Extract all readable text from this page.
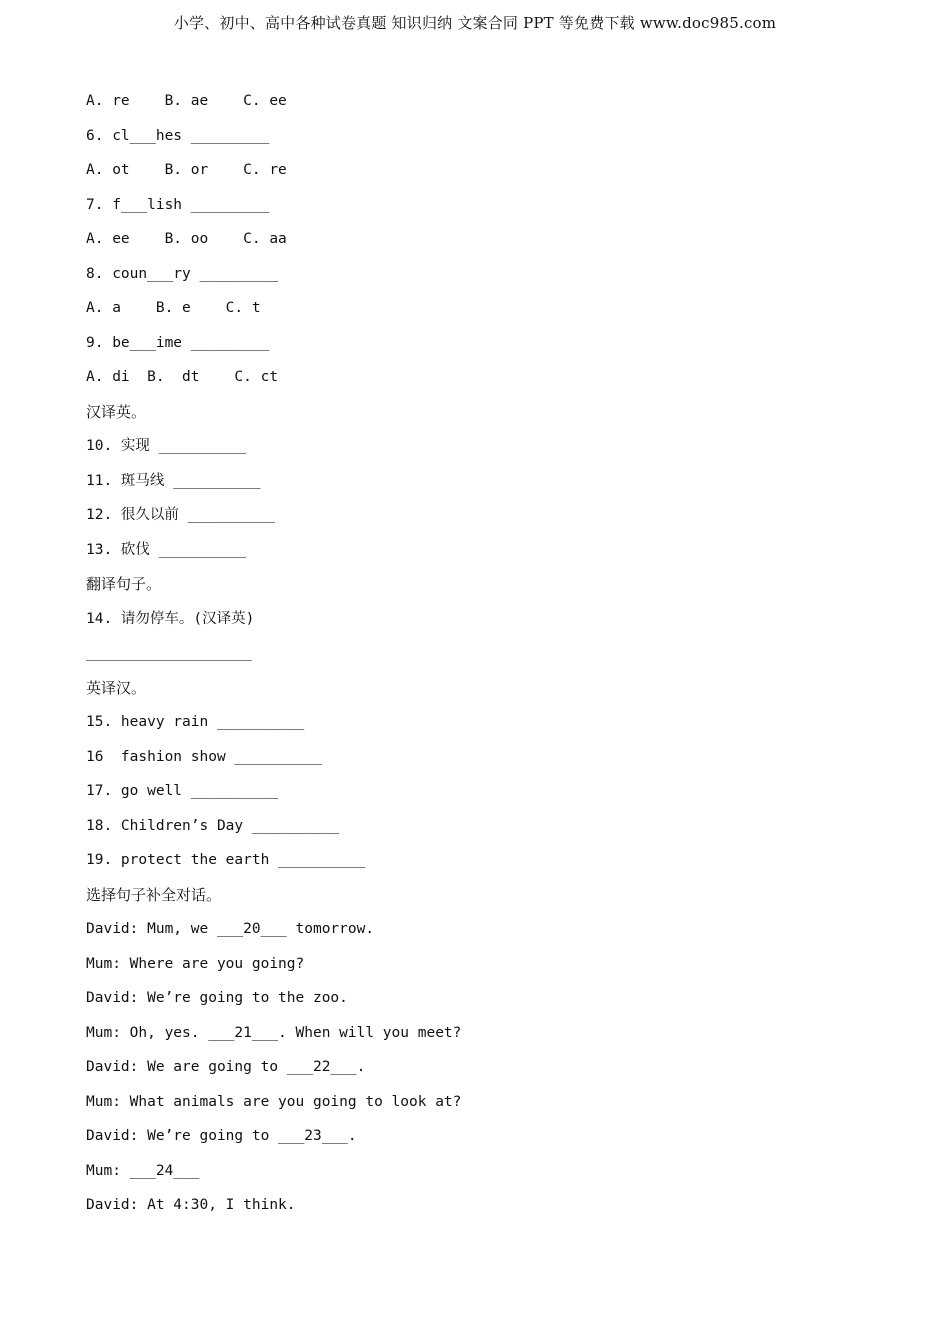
小学、初中、高中各种试卷真题 知识归纳 文案合同 PPT 等免费下载 www.doc985.com
A. re    B. ae    C. ee
6. cl___hes _________
A. ot    B. or    C. re
7. f___lish _________
A. ee    B. oo    C. aa
8. coun___ry _________
A. a    B. e    C. t
9. be___ime _________
A. di  B.  dt    C. ct
汉译英。
10. 实现 __________
11. 斑马线 __________
12. 很久以前 __________
13. 砍伐 __________
翻译句子。
14. 请勿停车。(汉译英)
___________________
英译汉。
15. heavy rain __________
16  fashion show __________
17. go well __________
18. Children’s Day __________
19. protect the earth __________
选择句子补全对话。
David: Mum, we ___20___ tomorrow.
Mum: Where are you going?
David: We’re going to the zoo.
Mum: Oh, yes. ___21___. When will you meet?
David: We are going to ___22___.
Mum: What animals are you going to look at?
David: We’re going to ___23___.
Mum: ___24___
David: At 4:30, I think.
